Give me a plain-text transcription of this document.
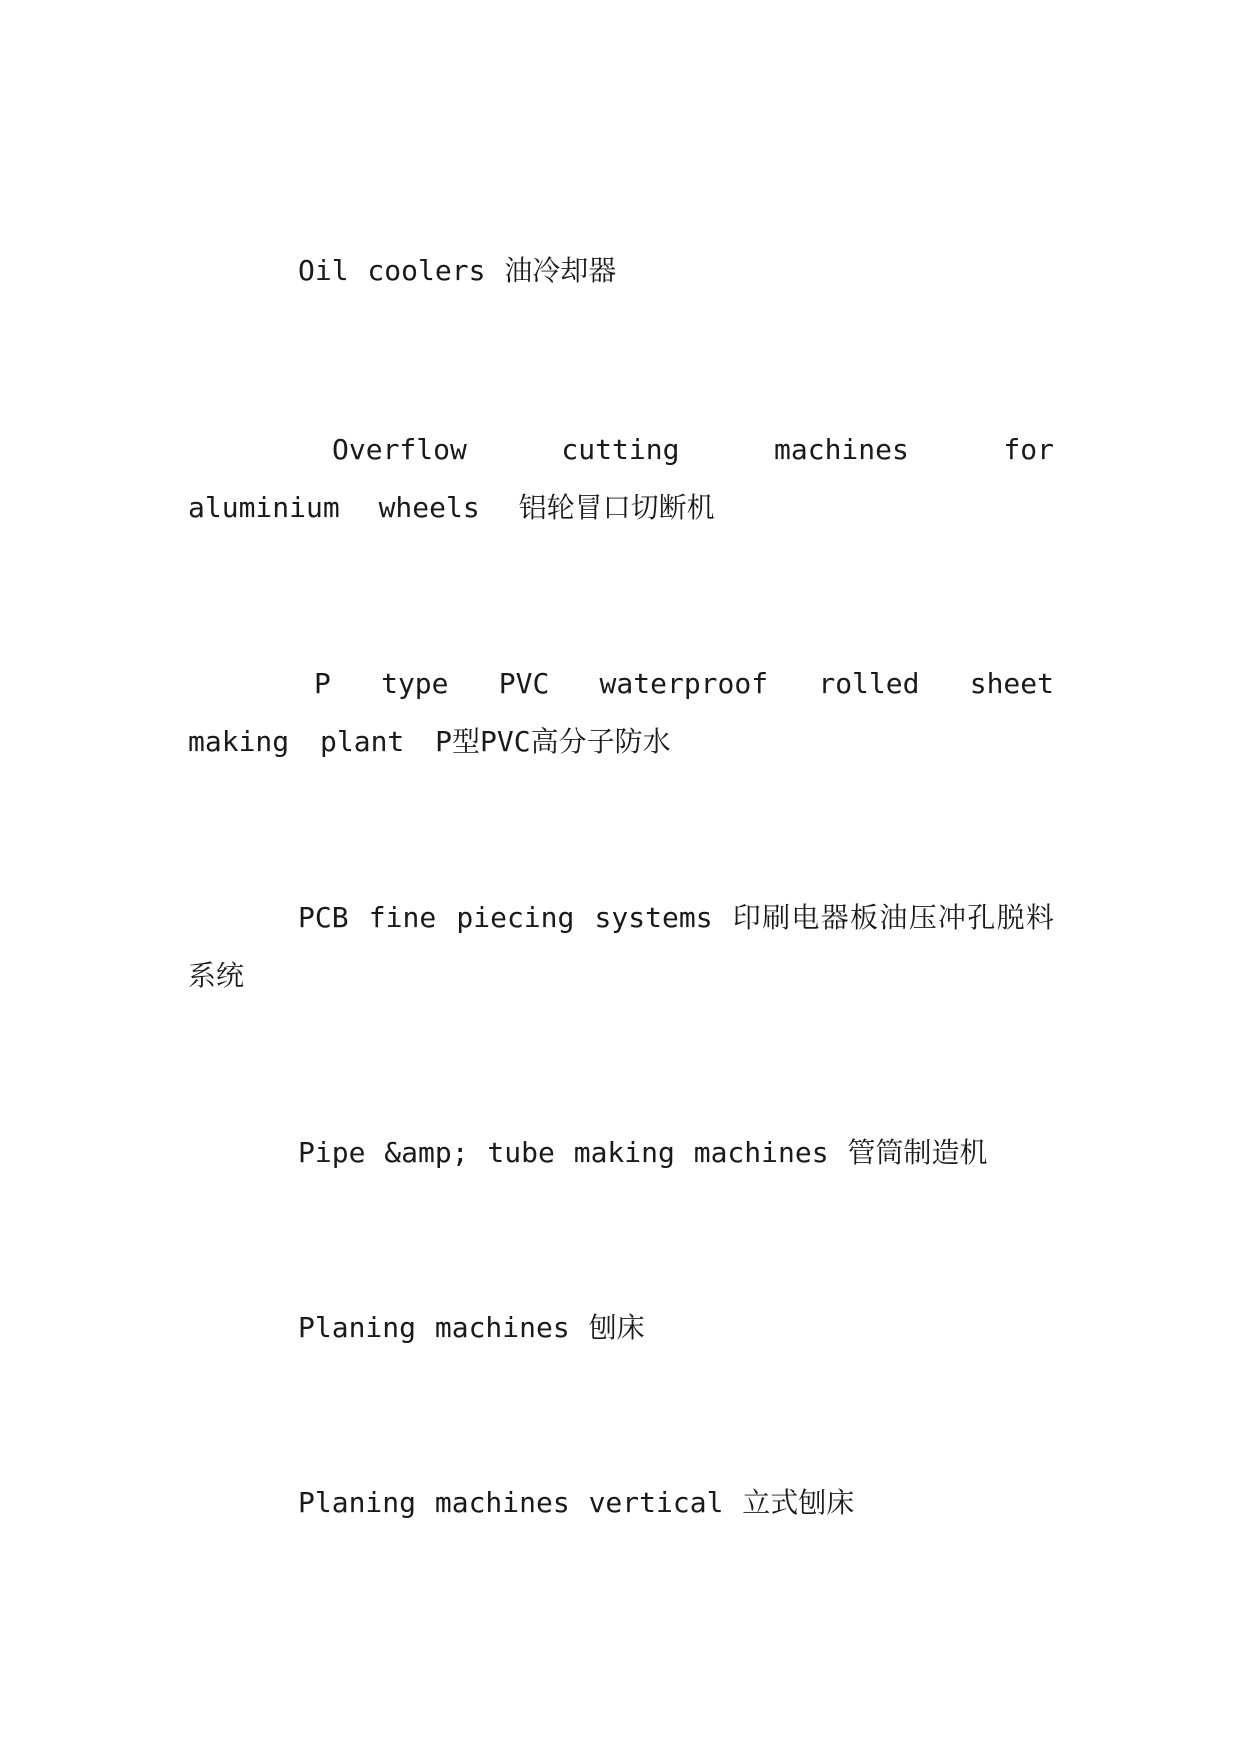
Oil coolers 油冷却器

Overflow cutting machines for aluminium wheels 铝轮冒口切断机

P type PVC waterproof rolled sheet making plant P型PVC高分子防水

PCB fine piecing systems 印刷电器板油压冲孔脱料系统

Pipe &amp; tube making machines 管筒制造机

Planing machines 刨床

Planing machines vertical 立式刨床
